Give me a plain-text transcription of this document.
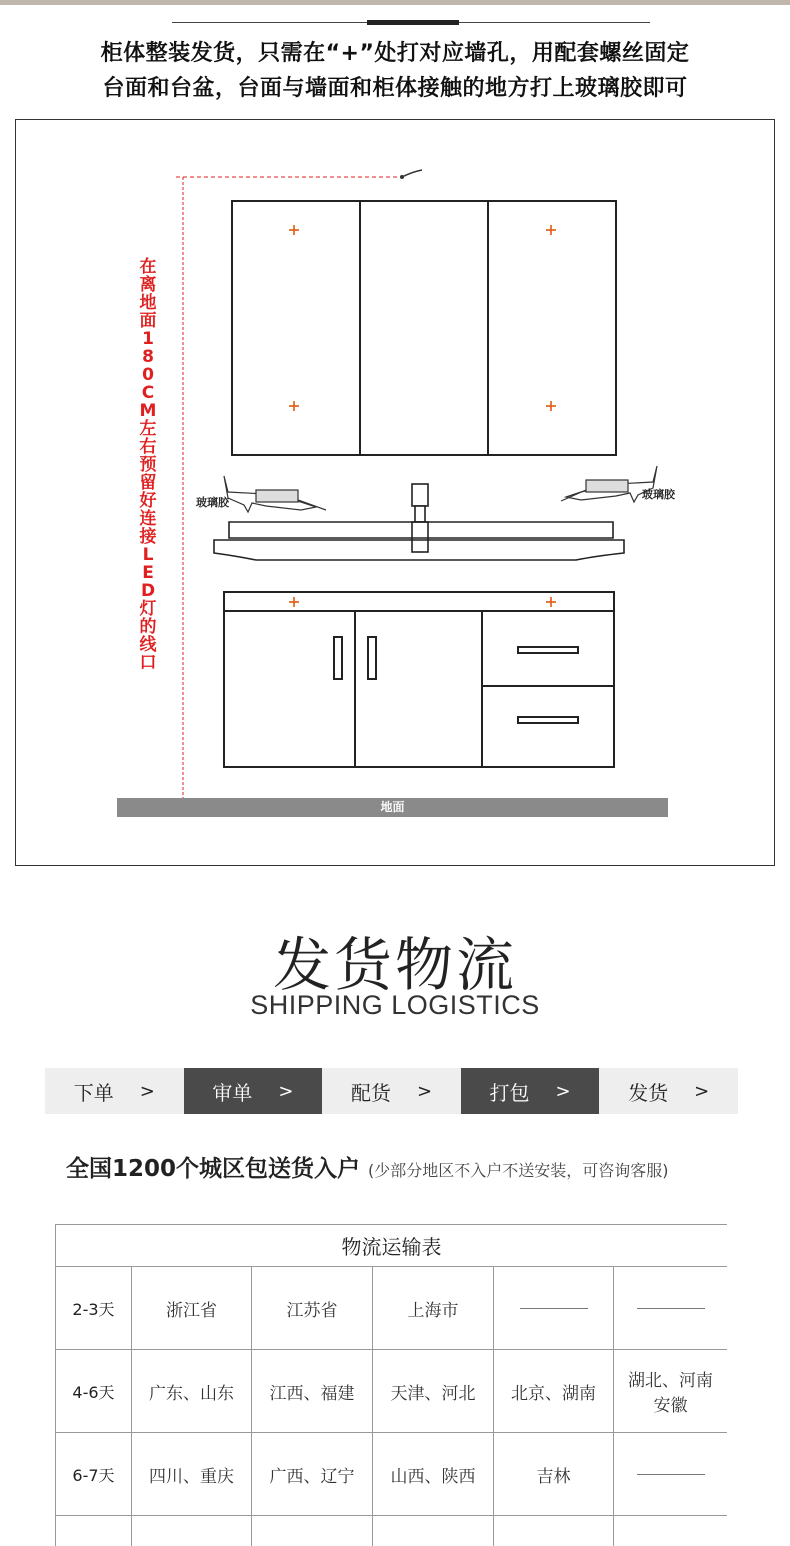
柜体整装发货，只需在“+”处打对应墙孔，用配套螺丝固定
台面和台盆，台面与墙面和柜体接触的地方打上玻璃胶即可
玻璃胶
玻璃胶
地面
在离地面180CM左右预留好连接LED灯的线口
发货物流
SHIPPING LOGISTICS
下单 >	审单 >	配货 >	打包 >	发货 >
全国1200个城区包送货入户 (少部分地区不入户不送安装，可咨询客服)
物流运输表					
2-3天	浙江省	江苏省	上海市		
4-6天	广东、山东	江西、福建	天津、河北	北京、湖南	湖北、河南安徽
6-7天	四川、重庆	广西、辽宁	山西、陕西	吉林	
